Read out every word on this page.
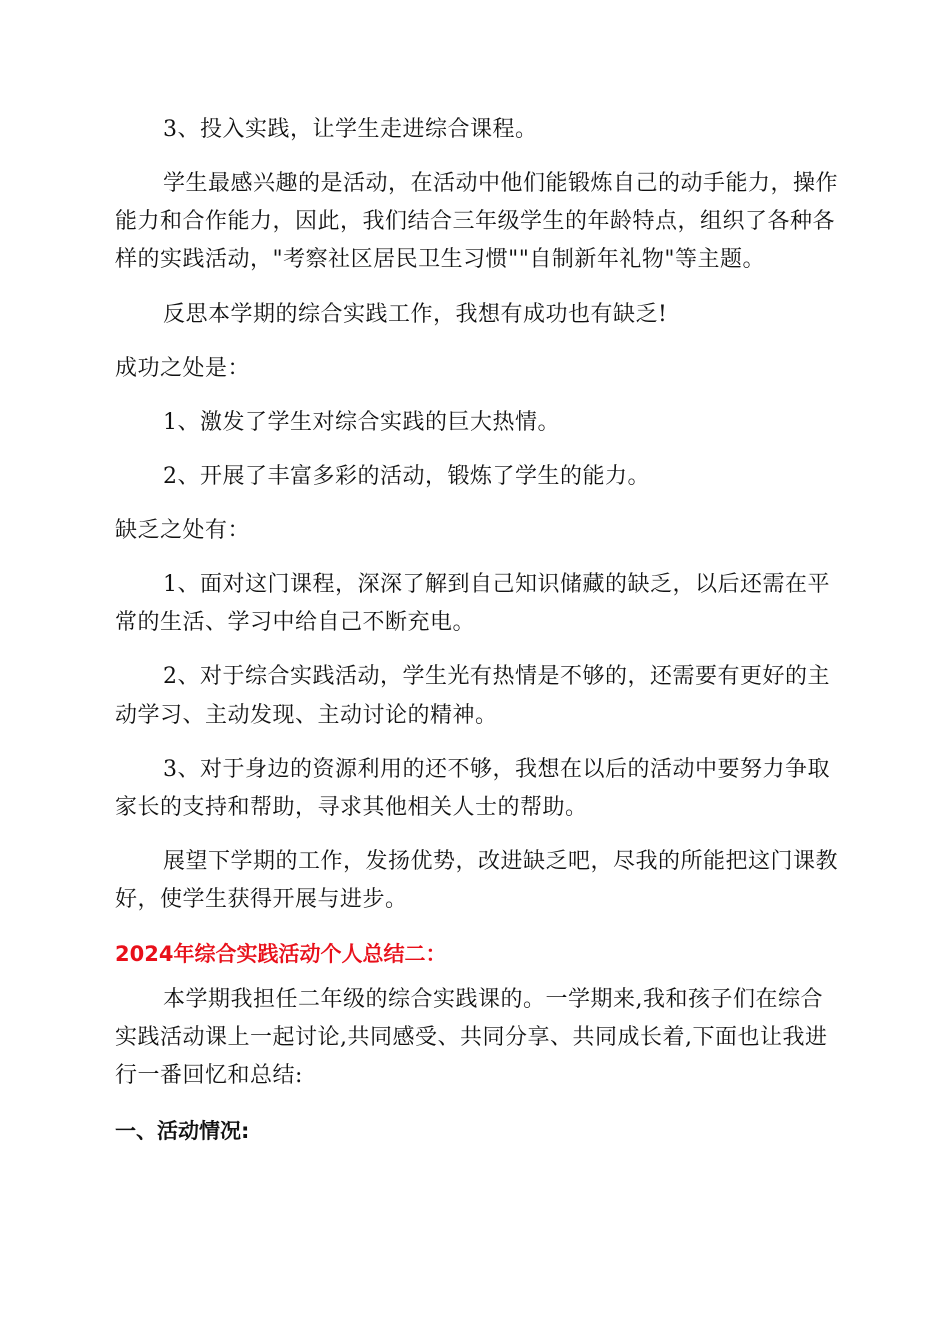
3、投入实践，让学生走进综合课程。
学生最感兴趣的是活动，在活动中他们能锻炼自己的动手能力，操作
能力和合作能力，因此，我们结合三年级学生的年龄特点，组织了各种各
样的实践活动，"考察社区居民卫生习惯""自制新年礼物"等主题。
反思本学期的综合实践工作，我想有成功也有缺乏!
成功之处是：
1、激发了学生对综合实践的巨大热情。
2、开展了丰富多彩的活动，锻炼了学生的能力。
缺乏之处有：
1、面对这门课程，深深了解到自己知识储藏的缺乏，以后还需在平
常的生活、学习中给自己不断充电。
2、对于综合实践活动，学生光有热情是不够的，还需要有更好的主
动学习、主动发现、主动讨论的精神。
3、对于身边的资源利用的还不够，我想在以后的活动中要努力争取
家长的支持和帮助，寻求其他相关人士的帮助。
展望下学期的工作，发扬优势，改进缺乏吧，尽我的所能把这门课教
好，使学生获得开展与进步。
2024年综合实践活动个人总结二：
本学期我担任二年级的综合实践课的。一学期来,我和孩子们在综合
实践活动课上一起讨论,共同感受、共同分享、共同成长着,下面也让我进
行一番回忆和总结:
一、活动情况:
